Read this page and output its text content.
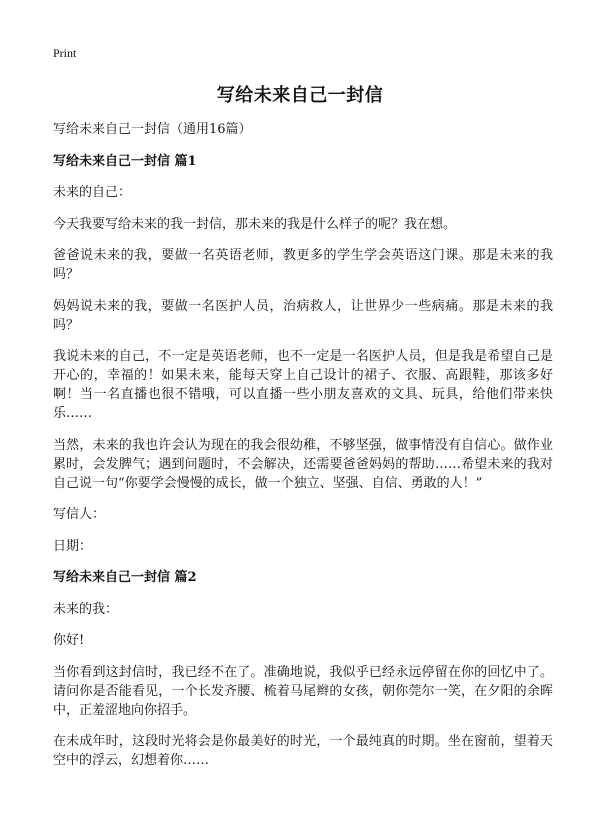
Print
写给未来自己一封信

写给未来自己一封信（通用16篇）

写给未来自己一封信 篇1

未来的自己：

今天我要写给未来的我一封信，那未来的我是什么样子的呢？我在想。

爸爸说未来的我，要做一名英语老师，教更多的学生学会英语这门课。那是未来的我吗？

妈妈说未来的我，要做一名医护人员，治病救人，让世界少一些病痛。那是未来的我吗？

我说未来的自己，不一定是英语老师，也不一定是一名医护人员，但是我是希望自己是开心的，幸福的！如果未来，能每天穿上自己设计的裙子、衣服、高跟鞋，那该多好啊！当一名直播也很不错哦，可以直播一些小朋友喜欢的文具、玩具，给他们带来快乐……

当然，未来的我也许会认为现在的我会很幼稚，不够坚强，做事情没有自信心。做作业累时，会发脾气；遇到问题时，不会解决，还需要爸爸妈妈的帮助……希望未来的我对自己说一句“你要学会慢慢的成长，做一个独立、坚强、自信、勇敢的人！”

写信人：

日期：

写给未来自己一封信 篇2

未来的我：

你好!

当你看到这封信时，我已经不在了。准确地说，我似乎已经永远停留在你的回忆中了。请问你是否能看见，一个长发齐腰、梳着马尾辫的女孩，朝你莞尔一笑，在夕阳的余晖中，正羞涩地向你招手。

在未成年时，这段时光将会是你最美好的时光，一个最纯真的时期。坐在窗前，望着天空中的浮云，幻想着你……
